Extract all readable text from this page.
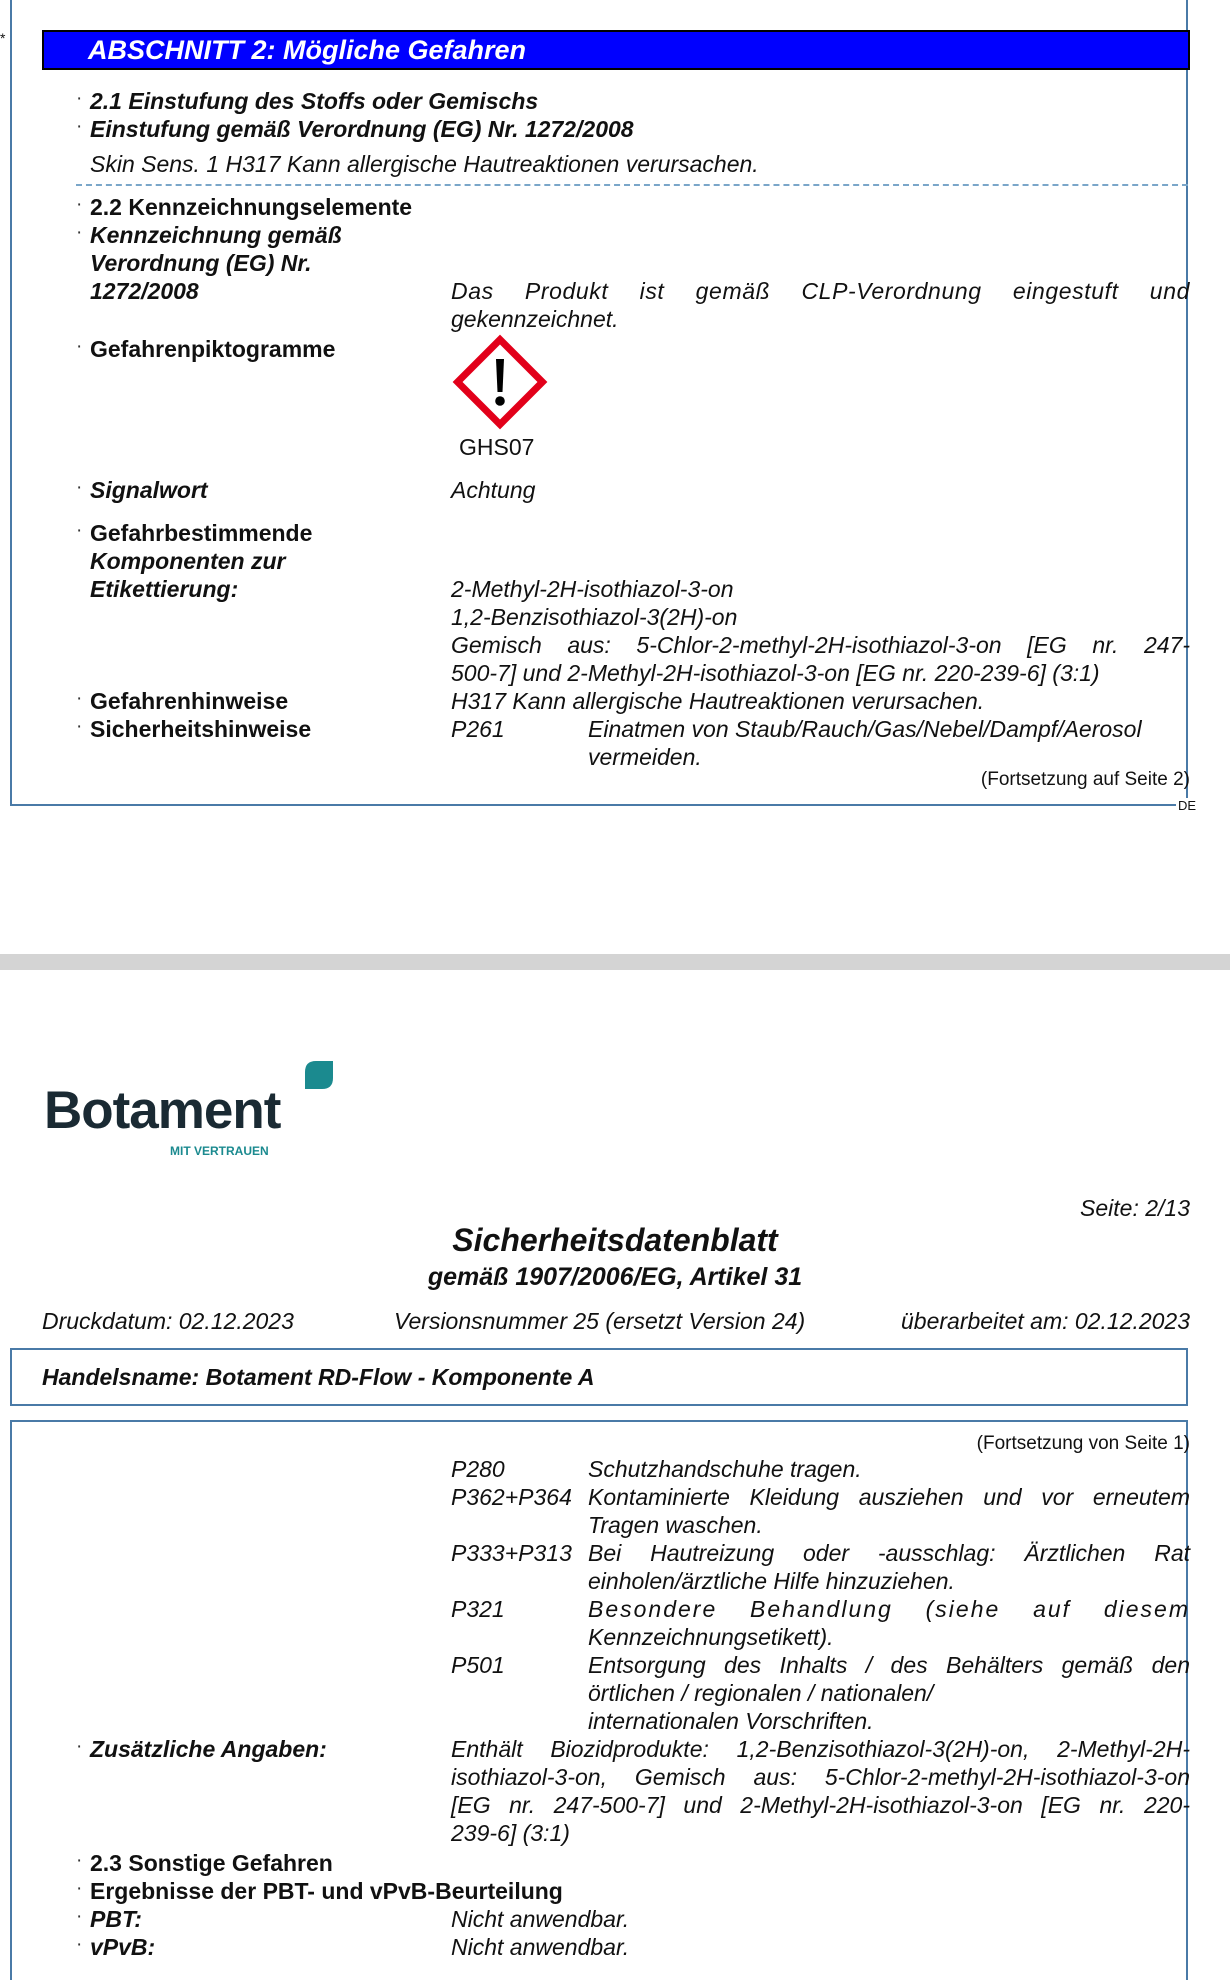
*	ABSCHNITT 2: Mögliche Gefahren
· 2.1 Einstufung des Stoffs oder Gemischs
· Einstufung gemäß Verordnung (EG) Nr. 1272/2008
Skin Sens. 1 H317 Kann allergische Hautreaktionen verursachen.
· 2.2 Kennzeichnungselemente
· Kennzeichnung gemäß
Verordnung (EG) Nr.
1272/2008	Das Produkt ist gemäß CLP-Verordnung eingestuft und
gekennzeichnet.
· Gefahrenpiktogramme
GHS07
· Signalwort	Achtung
· Gefahrbestimmende
Komponenten zur
Etikettierung:	2-Methyl-2H-isothiazol-3-on
1,2-Benzisothiazol-3(2H)-on
Gemisch aus: 5-Chlor-2-methyl-2H-isothiazol-3-on [EG nr. 247-
500-7] und 2-Methyl-2H-isothiazol-3-on [EG nr. 220-239-6] (3:1)
· Gefahrenhinweise	H317 Kann allergische Hautreaktionen verursachen.
· Sicherheitshinweise	P261	Einatmen von Staub/Rauch/Gas/Nebel/Dampf/Aerosol
vermeiden.
(Fortsetzung auf Seite 2)
DE
Botament
MIT VERTRAUEN
Seite: 2/13
Sicherheitsdatenblatt
gemäß 1907/2006/EG, Artikel 31
Druckdatum: 02.12.2023	Versionsnummer 25 (ersetzt Version 24)	überarbeitet am: 02.12.2023
Handelsname: Botament RD-Flow - Komponente A
(Fortsetzung von Seite 1)
P280	Schutzhandschuhe tragen.
P362+P364 Kontaminierte Kleidung ausziehen und vor erneutem
Tragen waschen.
P333+P313 Bei Hautreizung oder -ausschlag: Ärztlichen Rat
einholen/ärztliche Hilfe hinzuziehen.
P321	Besondere Behandlung (siehe auf diesem
Kennzeichnungsetikett).
P501	Entsorgung des Inhalts / des Behälters gemäß den
örtlichen / regionalen / nationalen/
internationalen Vorschriften.
· Zusätzliche Angaben:	Enthält Biozidprodukte: 1,2-Benzisothiazol-3(2H)-on, 2-Methyl-2H-
isothiazol-3-on, Gemisch aus: 5-Chlor-2-methyl-2H-isothiazol-3-on
[EG nr. 247-500-7] und 2-Methyl-2H-isothiazol-3-on [EG nr. 220-
239-6] (3:1)
· 2.3 Sonstige Gefahren
· Ergebnisse der PBT- und vPvB-Beurteilung
· PBT:	Nicht anwendbar.
· vPvB:	Nicht anwendbar.
